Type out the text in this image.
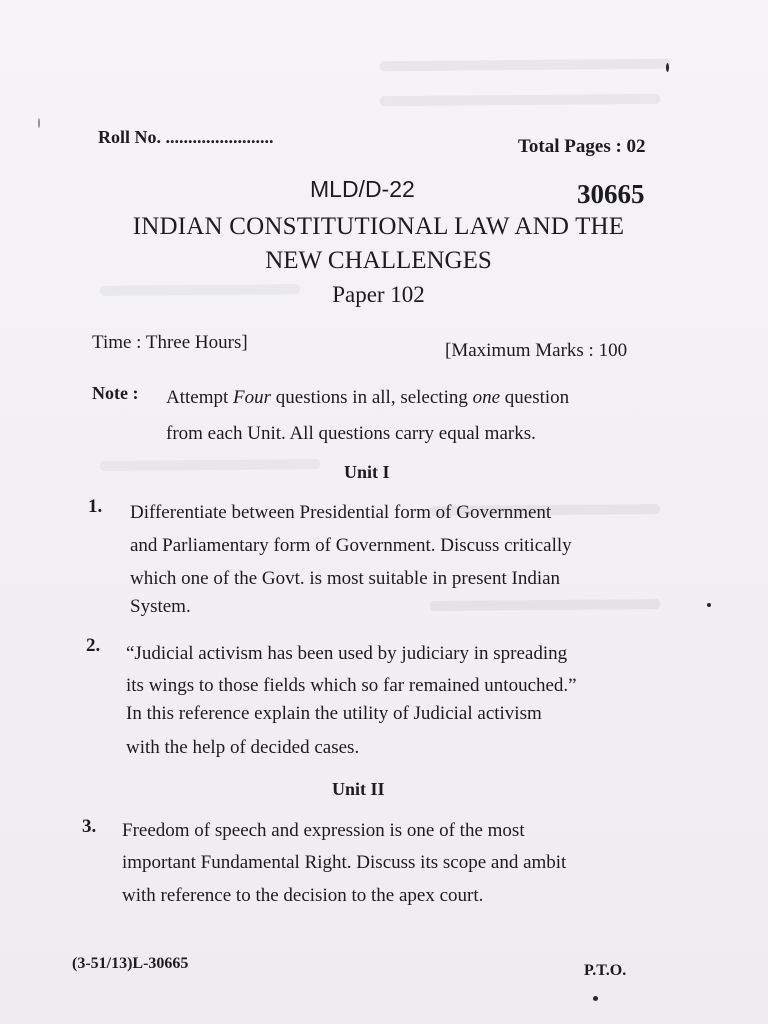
Roll No. ........................	Total Pages : 02
MLD/D-22	30665
INDIAN CONSTITUTIONAL LAW AND THE
NEW CHALLENGES
Paper 102
Time : Three Hours]	[Maximum Marks : 100
Note : Attempt Four questions in all, selecting one question
from each Unit. All questions carry equal marks.
Unit I
1. Differentiate between Presidential form of Government
and Parliamentary form of Government. Discuss critically
which one of the Govt. is most suitable in present Indian
System.
2. “Judicial activism has been used by judiciary in spreading
its wings to those fields which so far remained untouched.”
In this reference explain the utility of Judicial activism
with the help of decided cases.
Unit II
3. Freedom of speech and expression is one of the most
important Fundamental Right. Discuss its scope and ambit
with reference to the decision to the apex court.
(3-51/13)L-30665	P.T.O.
